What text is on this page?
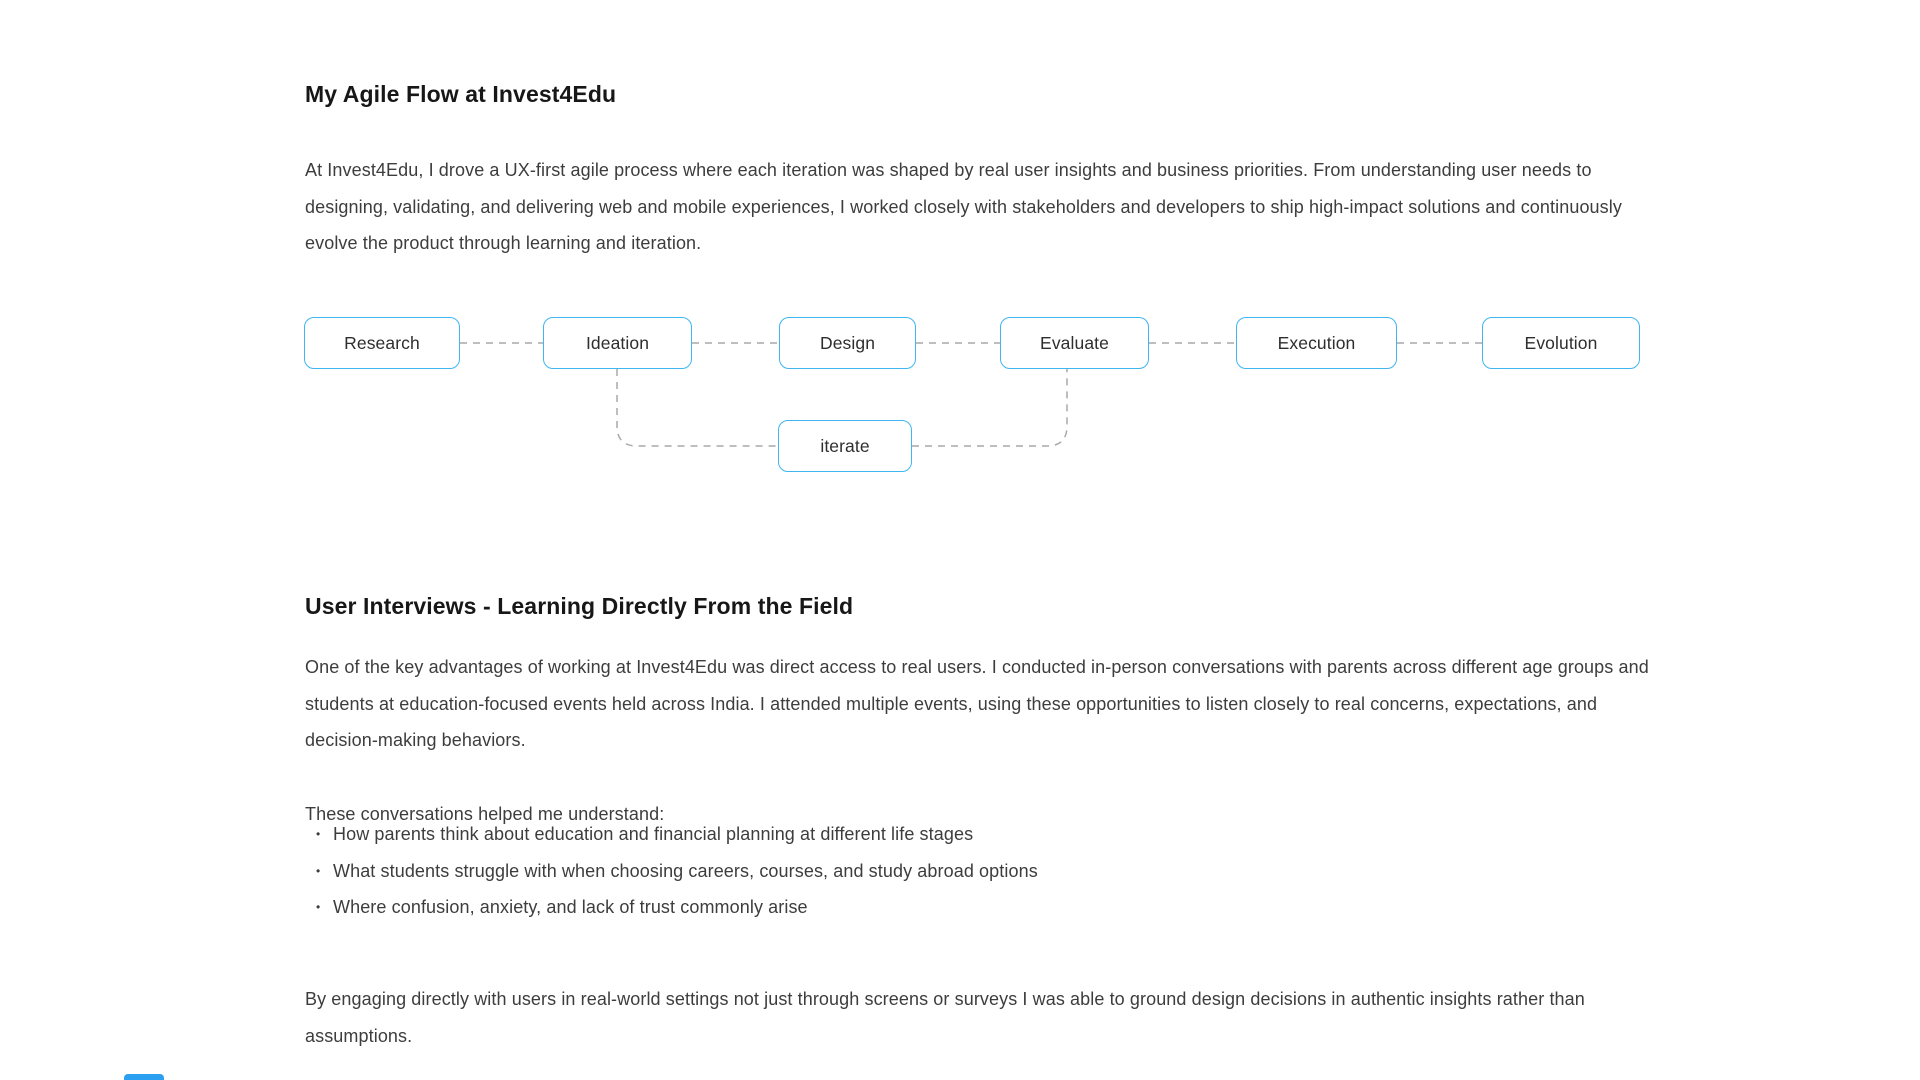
My Agile Flow at Invest4Edu

At Invest4Edu, I drove a UX-first agile process where each iteration was shaped by real user insights and business priorities. From understanding user needs to designing, validating, and delivering web and mobile experiences, I worked closely with stakeholders and developers to ship high-impact solutions and continuously evolve the product through learning and iteration.

Research	Ideation	Design	Evaluate	Execution	Evolution
iterate
User Interviews - Learning Directly From the Field

One of the key advantages of working at Invest4Edu was direct access to real users. I conducted in-person conversations with parents across different age groups and students at education-focused events held across India. I attended multiple events, using these opportunities to listen closely to real concerns, expectations, and decision-making behaviors.

These conversations helped me understand:

• How parents think about education and financial planning at different life stages
• What students struggle with when choosing careers, courses, and study abroad options
• Where confusion, anxiety, and lack of trust commonly arise

By engaging directly with users in real-world settings not just through screens or surveys I was able to ground design decisions in authentic insights rather than assumptions.
